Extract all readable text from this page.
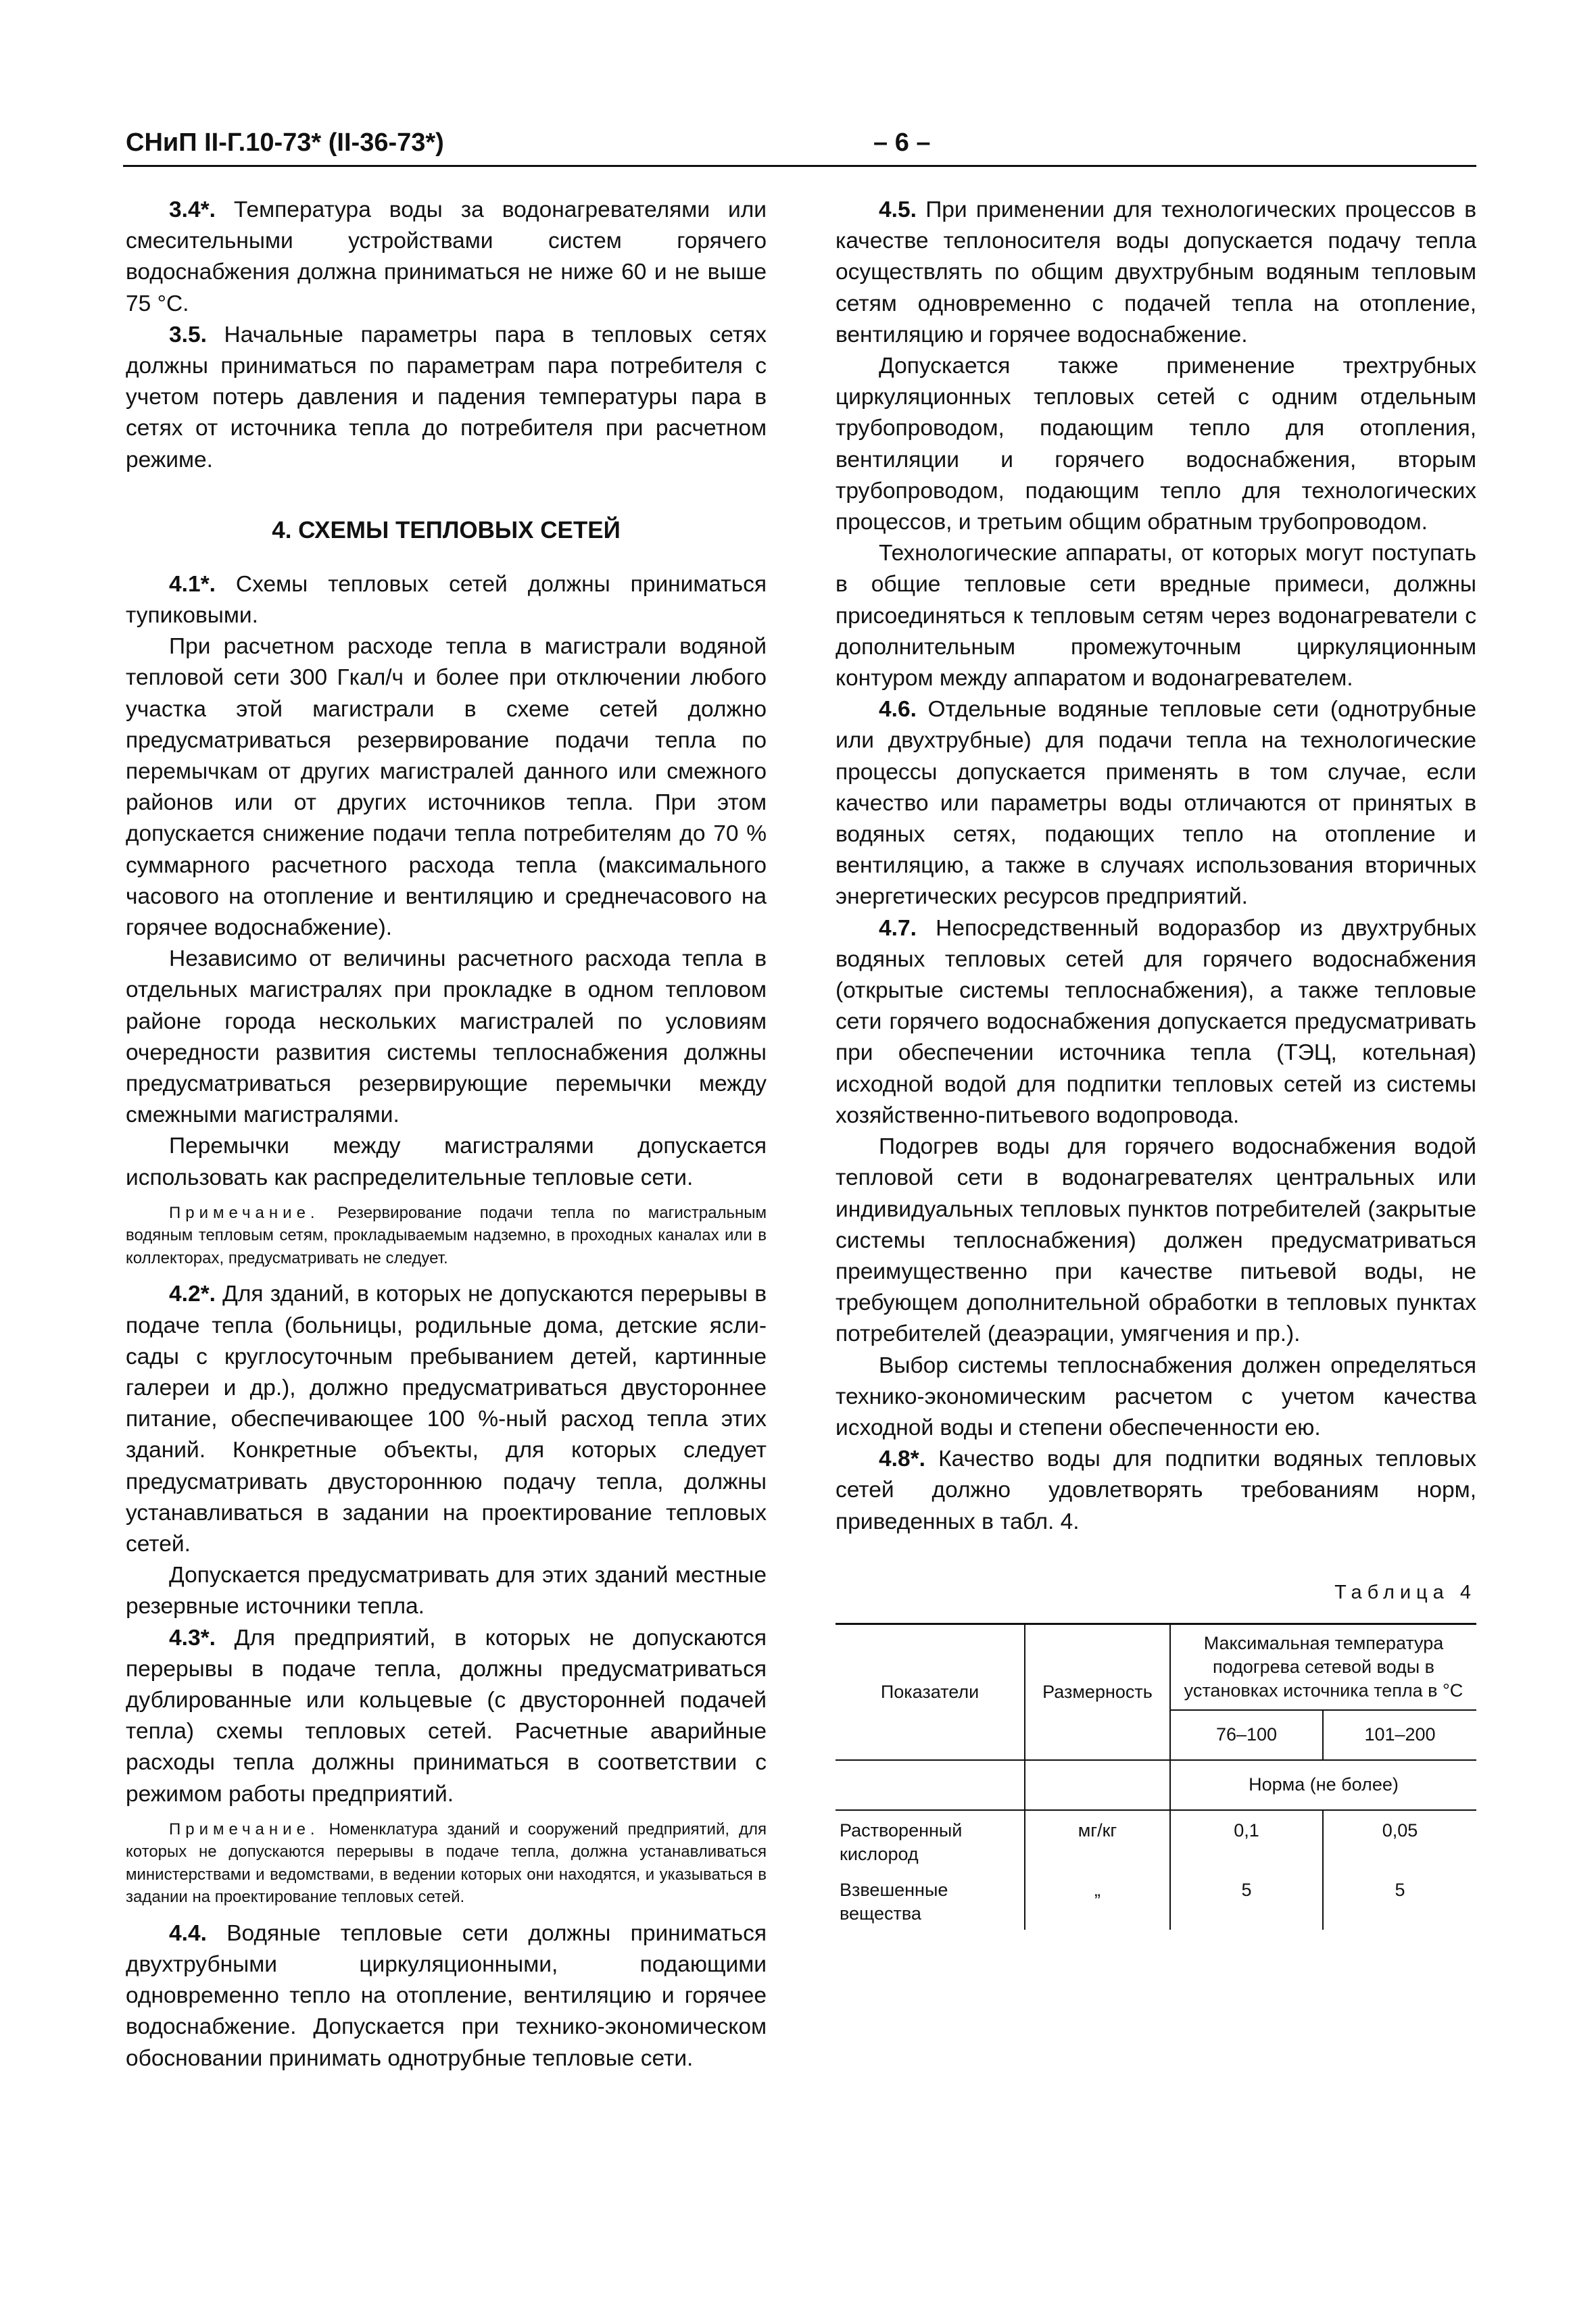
СНиП II-Г.10-73* (II-36-73*)	– 6 –

3.4*. Температура воды за водонагревателями или смесительными устройствами систем горячего водоснабжения должна приниматься не ниже 60 и не выше 75 °С.

3.5. Начальные параметры пара в тепловых сетях должны приниматься по параметрам пара потребителя с учетом потерь давления и падения температуры пара в сетях от источника тепла до потребителя при расчетном режиме.

4. СХЕМЫ ТЕПЛОВЫХ СЕТЕЙ

4.1*. Схемы тепловых сетей должны приниматься тупиковыми.

При расчетном расходе тепла в магистрали водяной тепловой сети 300 Гкал/ч и более при отключении любого участка этой магистрали в схеме сетей должно предусматриваться резервирование подачи тепла по перемычкам от других магистралей данного или смежного районов или от других источников тепла. При этом допускается снижение подачи тепла потребителям до 70 % суммарного расчетного расхода тепла (максимального часового на отопление и вентиляцию и среднечасового на горячее водоснабжение).

Независимо от величины расчетного расхода тепла в отдельных магистралях при прокладке в одном тепловом районе города нескольких магистралей по условиям очередности развития системы теплоснабжения должны предусматриваться резервирующие перемычки между смежными магистралями.

Перемычки между магистралями допускается использовать как распределительные тепловые сети.

Примечание. Резервирование подачи тепла по магистральным водяным тепловым сетям, прокладываемым надземно, в проходных каналах или в коллекторах, предусматривать не следует.

4.2*. Для зданий, в которых не допускаются перерывы в подаче тепла (больницы, родильные дома, детские ясли-сады с круглосуточным пребыванием детей, картинные галереи и др.), должно предусматриваться двустороннее питание, обеспечивающее 100 %-ный расход тепла этих зданий. Конкретные объекты, для которых следует предусматривать двустороннюю подачу тепла, должны устанавливаться в задании на проектирование тепловых сетей.

Допускается предусматривать для этих зданий местные резервные источники тепла.

4.3*. Для предприятий, в которых не допускаются перерывы в подаче тепла, должны предусматриваться дублированные или кольцевые (с двусторонней подачей тепла) схемы тепловых сетей. Расчетные аварийные расходы тепла должны приниматься в соответствии с режимом работы предприятий.

Примечание. Номенклатура зданий и сооружений предприятий, для которых не допускаются перерывы в подаче тепла, должна устанавливаться министерствами и ведомствами, в ведении которых они находятся, и указываться в задании на проектирование тепловых сетей.

4.4. Водяные тепловые сети должны приниматься двухтрубными циркуляционными, подающими одновременно тепло на отопление, вентиляцию и горячее водоснабжение. Допускается при технико-экономическом обосновании принимать однотрубные тепловые сети.

4.5. При применении для технологических процессов в качестве теплоносителя воды допускается подачу тепла осуществлять по общим двухтрубным водяным тепловым сетям одновременно с подачей тепла на отопление, вентиляцию и горячее водоснабжение.

Допускается также применение трехтрубных циркуляционных тепловых сетей с одним отдельным трубопроводом, подающим тепло для отопления, вентиляции и горячего водоснабжения, вторым трубопроводом, подающим тепло для технологических процессов, и третьим общим обратным трубопроводом.

Технологические аппараты, от которых могут поступать в общие тепловые сети вредные примеси, должны присоединяться к тепловым сетям через водонагреватели с дополнительным промежуточным циркуляционным контуром между аппаратом и водонагревателем.

4.6. Отдельные водяные тепловые сети (однотрубные или двухтрубные) для подачи тепла на технологические процессы допускается применять в том случае, если качество или параметры воды отличаются от принятых в водяных сетях, подающих тепло на отопление и вентиляцию, а также в случаях использования вторичных энергетических ресурсов предприятий.

4.7. Непосредственный водоразбор из двухтрубных водяных тепловых сетей для горячего водоснабжения (открытые системы теплоснабжения), а также тепловые сети горячего водоснабжения допускается предусматривать при обеспечении источника тепла (ТЭЦ, котельная) исходной водой для подпитки тепловых сетей из системы хозяйственно-питьевого водопровода.

Подогрев воды для горячего водоснабжения водой тепловой сети в водонагревателях центральных или индивидуальных тепловых пунктов потребителей (закрытые системы теплоснабжения) должен предусматриваться преимущественно при качестве питьевой воды, не требующем дополнительной обработки в тепловых пунктах потребителей (деаэрации, умягчения и пр.).

Выбор системы теплоснабжения должен определяться технико-экономическим расчетом с учетом качества исходной воды и степени обеспеченности ею.

4.8*. Качество воды для подпитки водяных тепловых сетей должно удовлетворять требованиям норм, приведенных в табл. 4.

Таблица 4
Показатели	Размерность	Максимальная температура подогрева сетевой воды в установках источника тепла в °С	
		76–100	101–200
		Норма (не более)	
Растворенный кислород	мг/кг	0,1	0,05
Взвешенные вещества	„	5	5
